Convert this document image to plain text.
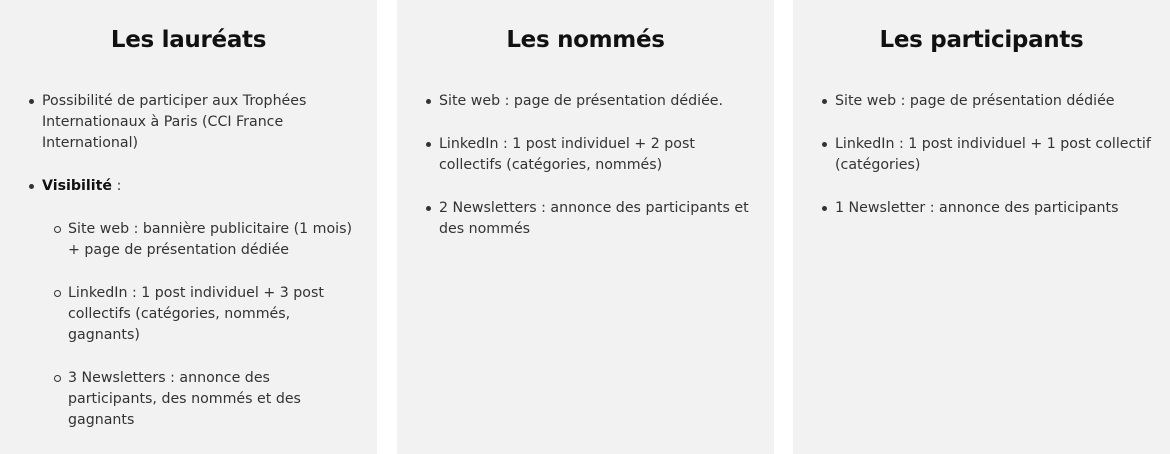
Les lauréats
Possibilité de participer aux Trophées Internationaux à Paris (CCI France International)
Visibilité :
Site web : bannière publicitaire (1 mois) + page de présentation dédiée
LinkedIn : 1 post individuel + 3 post collectifs (catégories, nommés, gagnants)
3 Newsletters : annonce des participants, des nommés et des gagnants
Les nommés
Site web : page de présentation dédiée.
LinkedIn : 1 post individuel + 2 post collectifs (catégories, nommés)
2 Newsletters : annonce des participants et des nommés
Les participants
Site web : page de présentation dédiée
LinkedIn : 1 post individuel + 1 post collectif (catégories)
1 Newsletter : annonce des participants
